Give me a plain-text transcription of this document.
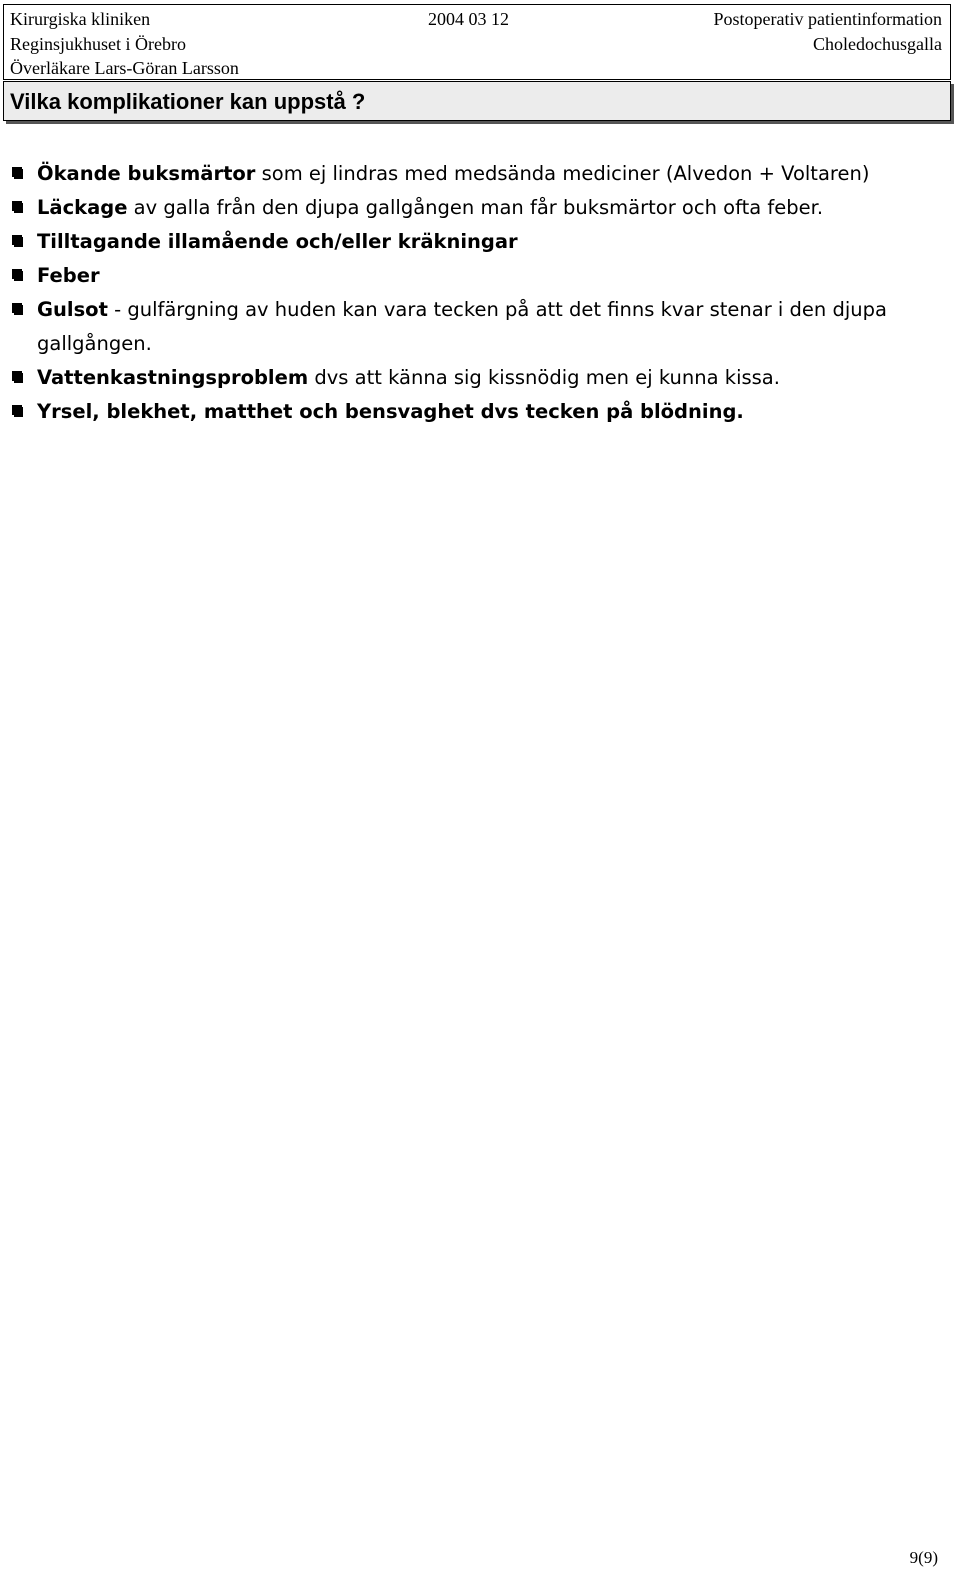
Kirurgiska kliniken	2004 03 12	Postoperativ patientinformation
Reginsjukhuset i Örebro	Choledochusgalla
Överläkare Lars-Göran Larsson
Vilka komplikationer kan uppstå ?
Ökande buksmärtor som ej lindras med medsända mediciner (Alvedon + Voltaren)
Läckage av galla från den djupa gallgången man får buksmärtor och ofta feber.
Tilltagande illamående och/eller kräkningar
Feber
Gulsot - gulfärgning av huden kan vara tecken på att det finns kvar stenar i den djupa gallgången.
Vattenkastningsproblem dvs att känna sig kissnödig men ej kunna kissa.
Yrsel, blekhet, matthet och bensvaghet dvs tecken på blödning.
9(9)
